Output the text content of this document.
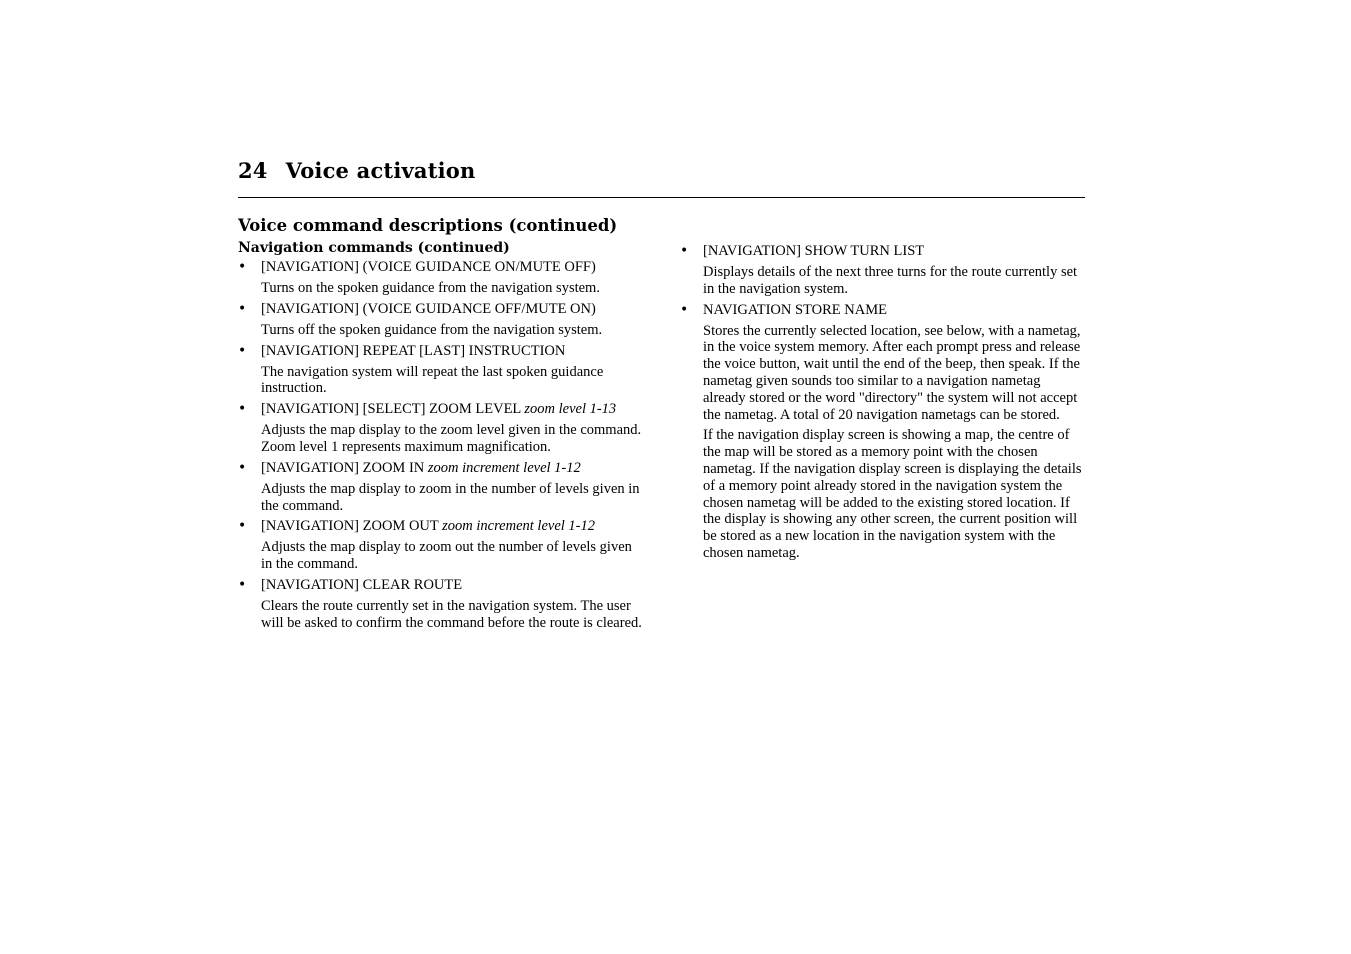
24 Voice activation
Voice command descriptions (continued)
Navigation commands (continued)
• [NAVIGATION] (VOICE GUIDANCE ON/MUTE OFF)

Turns on the spoken guidance from the navigation system.

• [NAVIGATION] (VOICE GUIDANCE OFF/MUTE ON)

Turns off the spoken guidance from the navigation system.

• [NAVIGATION] REPEAT [LAST] INSTRUCTION

The navigation system will repeat the last spoken guidance instruction.

• [NAVIGATION] [SELECT] ZOOM LEVEL zoom level 1-13

Adjusts the map display to the zoom level given in the command. Zoom level 1 represents maximum magnification.

• [NAVIGATION] ZOOM IN zoom increment level 1-12

Adjusts the map display to zoom in the number of levels given in the command.

• [NAVIGATION] ZOOM OUT zoom increment level 1-12

Adjusts the map display to zoom out the number of levels given in the command.

• [NAVIGATION] CLEAR ROUTE

Clears the route currently set in the navigation system. The user will be asked to confirm the command before the route is cleared.

• [NAVIGATION] SHOW TURN LIST

Displays details of the next three turns for the route currently set in the navigation system.

• NAVIGATION STORE NAME

Stores the currently selected location, see below, with a nametag, in the voice system memory. After each prompt press and release the voice button, wait until the end of the beep, then speak. If the nametag given sounds too similar to a navigation nametag already stored or the word "directory" the system will not accept the nametag. A total of 20 navigation nametags can be stored.

If the navigation display screen is showing a map, the centre of the map will be stored as a memory point with the chosen nametag. If the navigation display screen is displaying the details of a memory point already stored in the navigation system the chosen nametag will be added to the existing stored location. If the display is showing any other screen, the current position will be stored as a new location in the navigation system with the chosen nametag.
